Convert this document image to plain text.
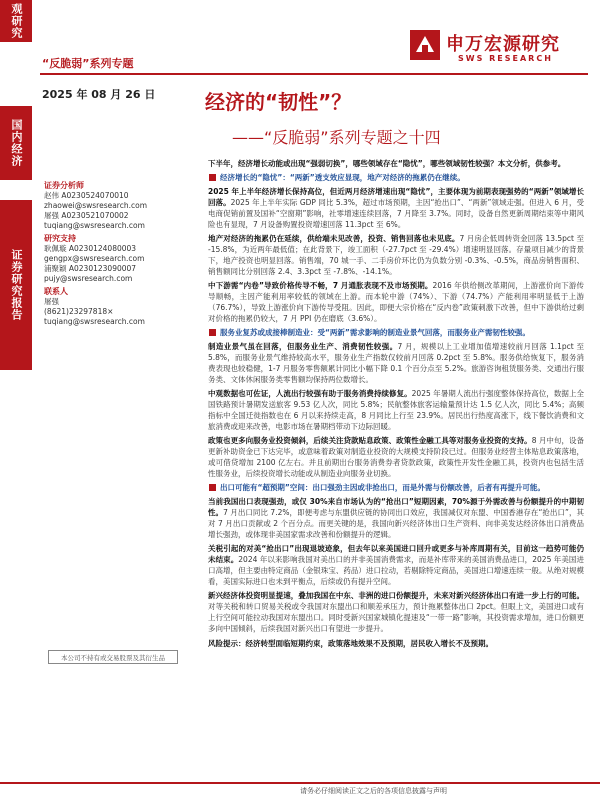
观研究
国内经济
证券研究报告
“反脆弱”系列专题
申万宏源研究
SWS RESEARCH
2025 年 08 月 26 日 经济的“韧性”？
——“反脆弱”系列专题之十四
证券分析师
赵伟 A0230524070010
zhaowei@swsresearch.com
屠强 A0230521070002
tuqiang@swsresearch.com
研究支持
耿佩璇 A0230124080003
gengpx@swsresearch.com
浦聚颖 A0230123090007
pujy@swsresearch.com
联系人
屠强
(8621)23297818×
tuqiang@swsresearch.com
本公司不持有或交易股票及其衍生品
下半年，经济增长动能或出现“强弱切换”，哪些领域存在“隐忧”，哪些领域韧性较强？本文分析，供参考。
经济增长的“隐忧”：“两新”透支效应显现，地产对经济的拖累仍在继续。
2025 年上半年经济增长保持高位，但近两月经济增速出现“隐忧”，主要体现为前期表现强势的“两新”领域增长回落。2025 年上半年实际 GDP 同比 5.3%，超过市场预期，主因“抢出口”、“两新”领域走强。但进入 6 月，受电商促销前置及国补“空窗期”影响，社零增速连续回落，7 月降至 3.7%。同时，设备自然更新周期结束等中期风险也有显现，7 月设备购置投资增速回落 11.3pct 至 6%。
地产对经济的拖累仍在延续，供给端未见改善，投资、销售回落也未见底。7 月房企低周转资金回落 13.5pct 至 -15.8%，为近两年最低值；在此背景下，竣工面积（-27.7pct 至 -29.4%）增速明显回落。存量项目减少的背景下，地产投资也明显回落。销售端，70 城一手、二手房价环比仍为负数分别 -0.3%、-0.5%，商品房销售面积、销售额同比分别回落 2.4、3.3pct 至 -7.8%、-14.1%。
中下游需“内卷”导致价格传导不畅，7 月通胀表现不及市场预期。2016 年供给侧改革期间，上游涨价向下游传导顺畅，主因产能利用率较低的领域在上游。而本轮中游（74%）、下游（74.7%）产能利用率明显低于上游（76.7%），导致上游涨价向下游传导受阻。因此，即便大宗价格在“反内卷”政策刺激下改善，但中下游供给过剩对价格的拖累仍较大，7 月 PPI 仍在磨底（3.6%）。
服务业复苏或成接棒制造业：受“两新”需求影响的制造业景气回落，而服务业产需韧性较强。
制造业景气虽在回落，但服务业生产、消费韧性较强。7 月，规模以上工业增加值增速较前月回落 1.1pct 至 5.8%，而服务业景气维持较高水平，服务业生产指数仅较前月回落 0.2pct 至 5.8%。服务供给恢复下，服务消费表现也较稳健，1-7 月服务零售额累计同比小幅下降 0.1 个百分点至 5.2%。旅游咨询租赁服务类、交通出行服务类、文体休闲服务类零售额均保持两位数增长。
中观数据也可佐证，人流出行较强有助于服务消费持续修复。2025 年暑期人流出行强度整体保持高位，数据上全国铁路预计暑期发送旅客 9.53 亿人次，同比 5.8%；民航整体旅客运输量预计达 1.5 亿人次，同比 5.4%；高频指标中全国迁徙指数也在 6 月以来持续走高，8 月同比上行至 23.9%。居民出行热度高涨下，线下餐饮消费和文旅消费或迎来改善，电影市场在暑期档带动下边际回暖。
政策也更多向服务业投资倾斜，后续关注贷款贴息政策、政策性金融工具等对服务业投资的支持。8 月中旬，设备更新补助资金已下达完毕，或意味着政策对制造业投资的大规模支持阶段已过。但服务业经营主体贴息政策落地，或可借贷增加 2100 亿左右。并且前期出台服务消费券者贷款政策，政策性开发性金融工具，投资内也包括生活性服务业，后续投资增长动能或从制造业向服务业切换。
出口可能有“超预期”空间：出口强劲主因或非抢出口，而是外需与份额改善，后者有再提升可能。
当前我国出口表现强劲，或仅 30%来自市场认为的“抢出口”短期因素，70%源于外需改善与份额提升的中期韧性。7 月出口同比 7.2%，即便考虑与东盟供应链的协同出口效应，我国减仅对东盟、中国香港存在“抢出口”，其对 7 月出口贡献或 2 个百分点。而更关键的是，我国向新兴经济体出口生产资料、向非美发达经济体出口消费品增长强劲，或体现非美国家需求改善和份额提升的逻辑。
关税引起的对美“抢出口”出现退坡迹象，但去年以来美国进口回升或更多与补库周期有关，目前这一趋势可能仍未结束。2024 年以来影响我国对美出口的并非美国消费需求，而是补库带来的美国消费品进口，2025 年美国进口高增，但主要由特定商品（金银珠宝、药品）进口拉动，若剔除特定商品，美国进口增速连续一般。从绝对规模看，美国实际进口也未到平衡点，后续或仍有提升空间。
新兴经济体投资明显提速，叠加我国在中东、非洲的进口份额提升，未来对新兴经济体出口有进一步上行的可能。对等关税和转口贸易关税或令我国对东盟出口和顺差承压力，预计拖累整体出口 2pct。但眼上文，美国进口或有上行空间可能拉动我国对东盟出口。同时受新兴国家城镇化提速及“一带一路”影响，其投资需求增加，进口份额更多向中国倾斜，后续我国对新兴出口有望进一步提升。
风险提示：经济转型面临短期约束，政策落地效果不及预期，居民收入增长不及预期。
请务必仔细阅读正文之后的各项信息披露与声明
